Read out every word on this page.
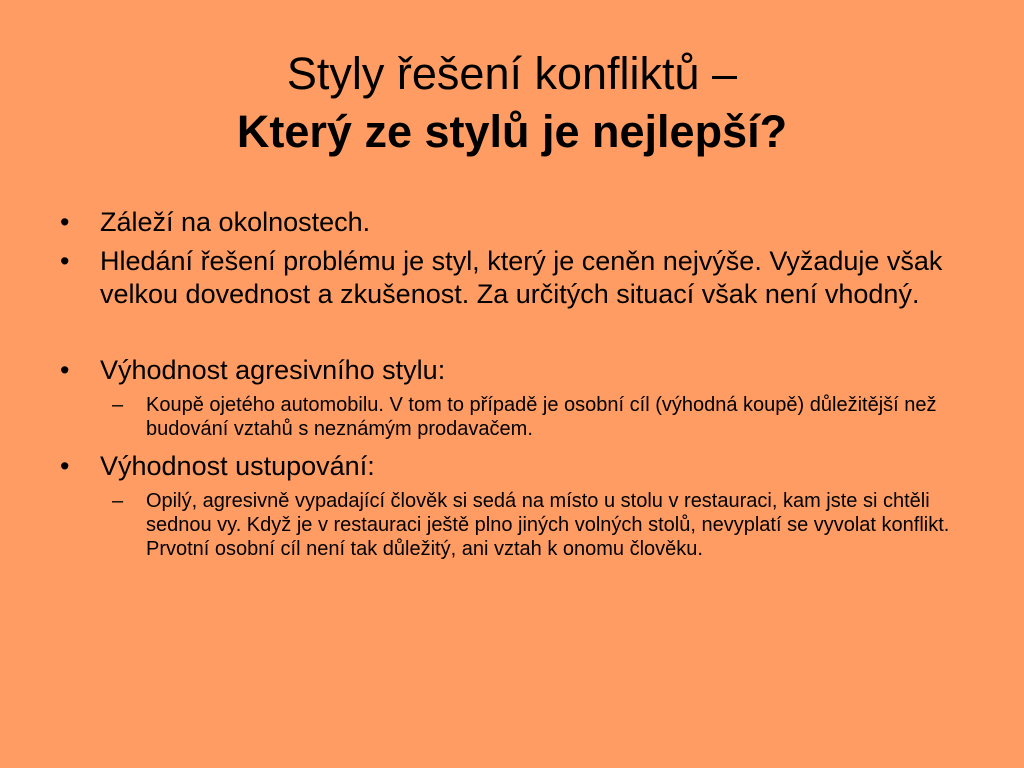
Styly řešení konfliktů –
Který ze stylů je nejlepší?
•	Záleží na okolnostech.
•	Hledání řešení problému je styl, který je ceněn nejvýše. Vyžaduje však velkou dovednost a zkušenost. Za určitých situací však není vhodný.
•	Výhodnost agresivního stylu:
–	Koupě ojetého automobilu. V tom to případě je osobní cíl (výhodná koupě) důležitější než budování vztahů s neznámým prodavačem.
•	Výhodnost ustupování:
–	Opilý, agresivně vypadající člověk si sedá na místo u stolu v restauraci, kam jste si chtěli sednou vy. Když je v restauraci ještě plno jiných volných stolů, nevyplatí se vyvolat konflikt. Prvotní osobní cíl není tak důležitý, ani vztah k onomu člověku.
